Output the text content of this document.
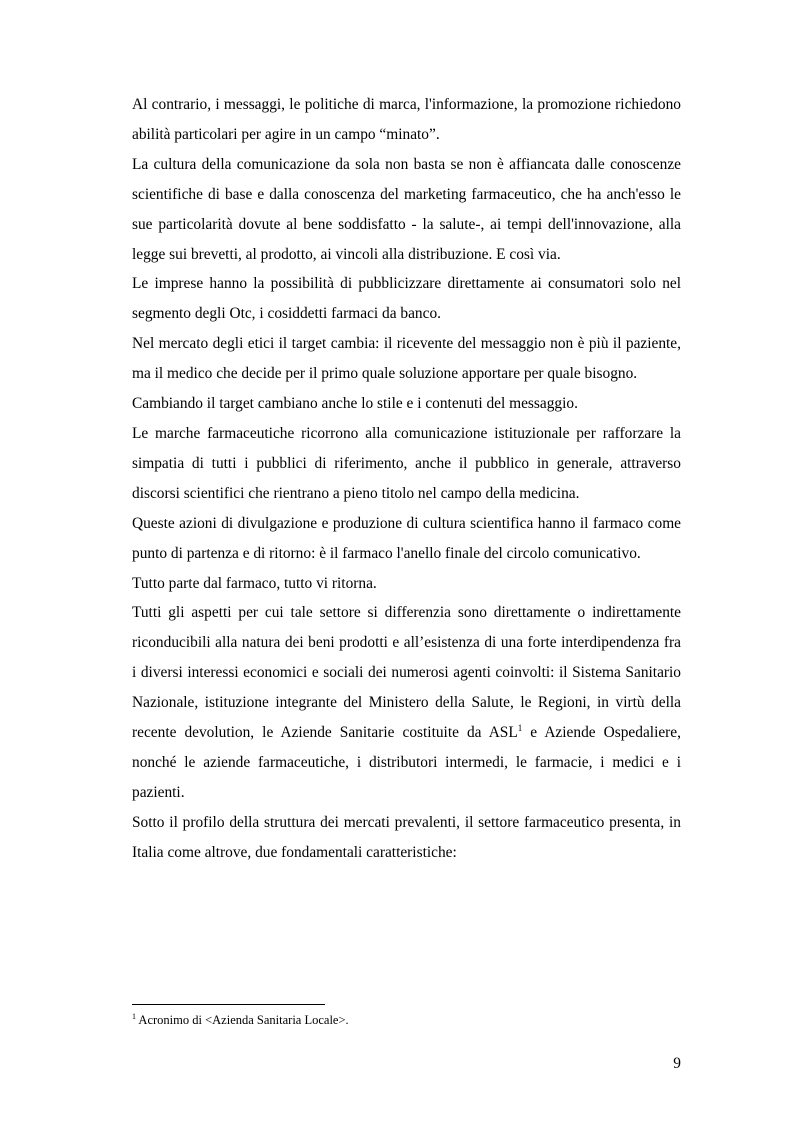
Al contrario, i messaggi, le politiche di marca, l'informazione, la promozione richiedono abilità particolari per agire in un campo “minato”.

La cultura della comunicazione da sola non basta se non è affiancata dalle conoscenze scientifiche di base e dalla conoscenza del marketing farmaceutico, che ha anch'esso le sue particolarità dovute al bene soddisfatto - la salute-, ai tempi dell'innovazione, alla legge sui brevetti, al prodotto, ai vincoli alla distribuzione. E così via.

Le imprese hanno la possibilità di pubblicizzare direttamente ai consumatori solo nel segmento degli Otc, i cosiddetti farmaci da banco.

Nel mercato degli etici il target cambia: il ricevente del messaggio non è più il paziente, ma il medico che decide per il primo quale soluzione apportare per quale bisogno.

Cambiando il target cambiano anche lo stile e i contenuti del messaggio.

Le marche farmaceutiche ricorrono alla comunicazione istituzionale per rafforzare la simpatia di tutti i pubblici di riferimento, anche il pubblico in generale, attraverso discorsi scientifici che rientrano a pieno titolo nel campo della medicina.

Queste azioni di divulgazione e produzione di cultura scientifica hanno il farmaco come punto di partenza e di ritorno: è il farmaco l'anello finale del circolo comunicativo.

Tutto parte dal farmaco, tutto vi ritorna.

Tutti gli aspetti per cui tale settore si differenzia sono direttamente o indirettamente riconducibili alla natura dei beni prodotti e all’esistenza di una forte interdipendenza fra i diversi interessi economici e sociali dei numerosi agenti coinvolti: il Sistema Sanitario Nazionale, istituzione integrante del Ministero della Salute, le Regioni, in virtù della recente devolution, le Aziende Sanitarie costituite da ASL$^1$ e Aziende Ospedaliere, nonché le aziende farmaceutiche, i distributori intermedi, le farmacie, i medici e i pazienti.

Sotto il profilo della struttura dei mercati prevalenti, il settore farmaceutico presenta, in Italia come altrove, due fondamentali caratteristiche:

$^1$ Acronimo di <Azienda Sanitaria Locale>.
9
